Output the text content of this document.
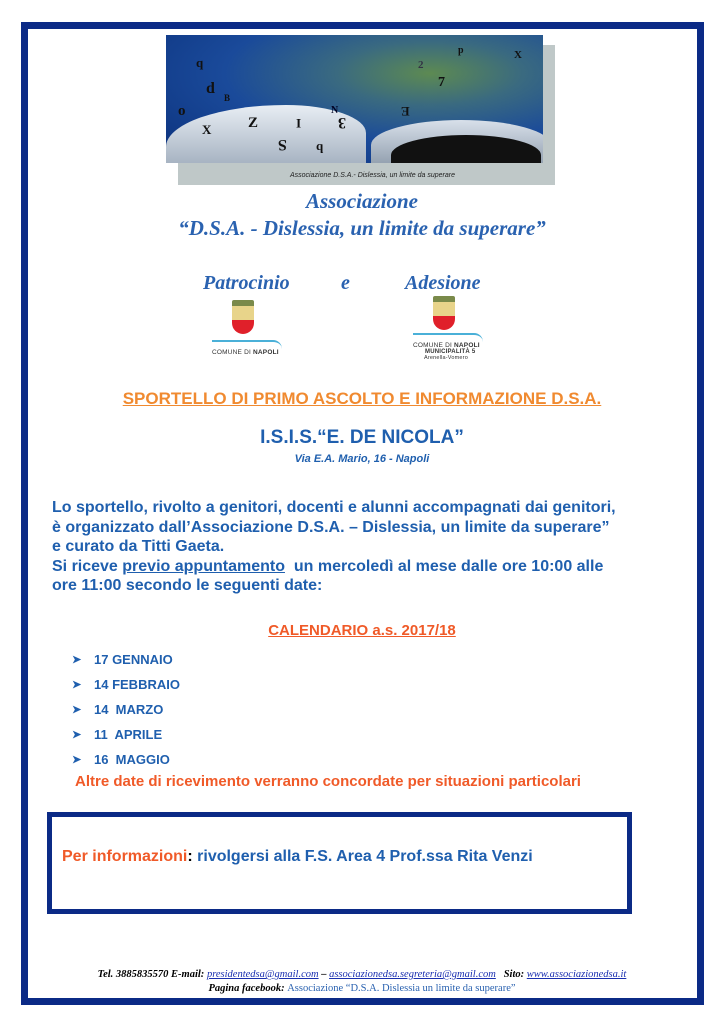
q
d
o
B
X Z
S
I 3
b
E
N
p	X
7
2
Associazione D.S.A.- Dislessia, un limite da superare
Associazione
“D.S.A. - Dislessia, un limite da superare”
Patrocinio	e	Adesione
COMUNE DI NAPOLI
COMUNE DI NAPOLI
MUNICIPALITÀ 5
Arenella-Vomero
SPORTELLO DI PRIMO ASCOLTO E INFORMAZIONE D.S.A.
I.S.I.S.“E. DE NICOLA”
Via E.A. Mario, 16 - Napoli
Lo sportello, rivolto a genitori, docenti e alunni accompagnati dai genitori,
è organizzato dall’Associazione D.S.A. – Dislessia, un limite da superare”
e curato da Titti Gaeta.
Si riceve previo appuntamento  un mercoledì al mese dalle ore 10:00 alle
ore 11:00 secondo le seguenti date:
CALENDARIO a.s. 2017/18
➤ 17 GENNAIO
➤ 14 FEBBRAIO
➤ 14  MARZO
➤ 11  APRILE
➤ 16  MAGGIO
Altre date di ricevimento verranno concordate per situazioni particolari
Per informazioni: rivolgersi alla F.S. Area 4 Prof.ssa Rita Venzi
Tel. 3885835570 E-mail: presidentedsa@gmail.com – associazionedsa.segreteria@gmail.com   Sito: www.associazionedsa.it
Pagina facebook: Associazione “D.S.A. Dislessia un limite da superare”
